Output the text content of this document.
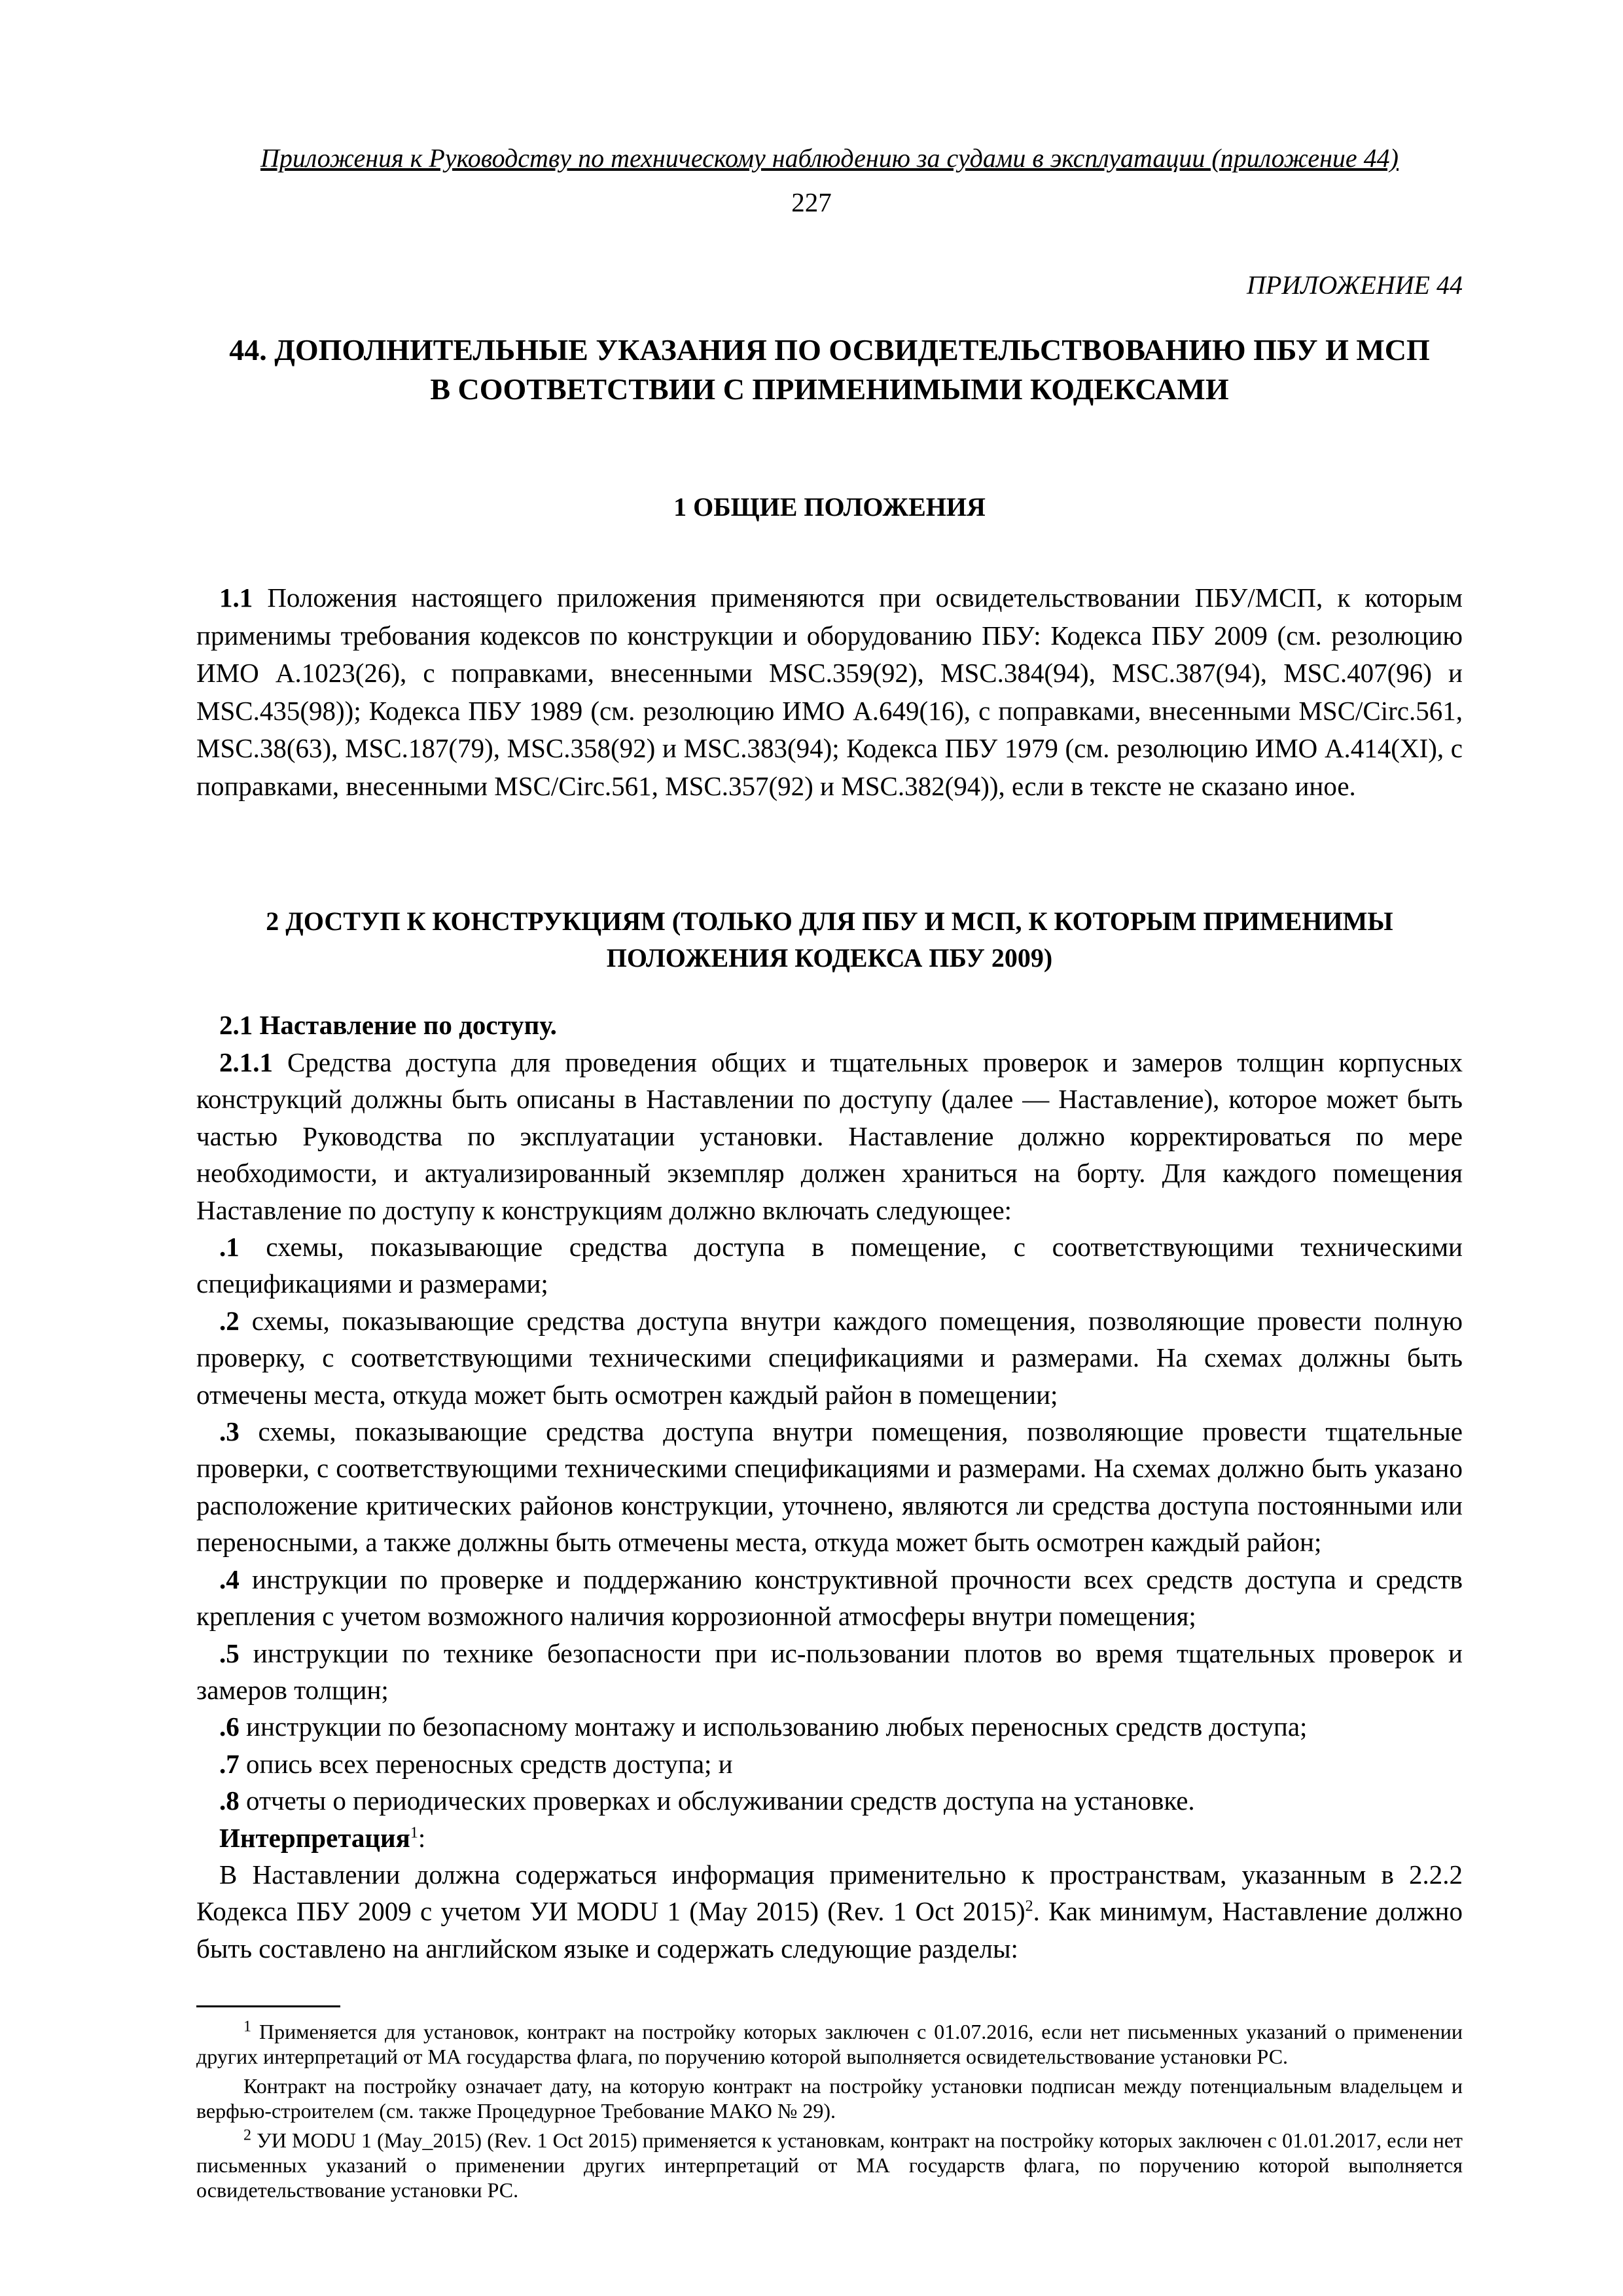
Приложения к Руководству по техническому наблюдению за судами в эксплуатации (приложение 44)
227
ПРИЛОЖЕНИЕ 44
44. ДОПОЛНИТЕЛЬНЫЕ УКАЗАНИЯ ПО ОСВИДЕТЕЛЬСТВОВАНИЮ ПБУ И МСП
В СООТВЕТСТВИИ С ПРИМЕНИМЫМИ КОДЕКСАМИ
1 ОБЩИЕ ПОЛОЖЕНИЯ

1.1 Положения настоящего приложения применяются при освидетельствовании ПБУ/МСП, к которым применимы требования кодексов по конструкции и оборудованию ПБУ: Кодекса ПБУ 2009 (см. резолюцию ИМО А.1023(26), с поправками, внесенными MSC.359(92), MSC.384(94), MSC.387(94), MSC.407(96) и MSC.435(98)); Кодекса ПБУ 1989 (см. резолюцию ИМО А.649(16), с поправками, внесенными MSC/Circ.561, MSC.38(63), MSC.187(79), MSC.358(92) и MSC.383(94); Кодекса ПБУ 1979 (см. резолюцию ИМО А.414(XI), с поправками, внесенными MSC/Circ.561, MSC.357(92) и MSC.382(94)), если в тексте не сказано иное.

2 ДОСТУП К КОНСТРУКЦИЯМ (ТОЛЬКО ДЛЯ ПБУ И МСП, К КОТОРЫМ ПРИМЕНИМЫ
ПОЛОЖЕНИЯ КОДЕКСА ПБУ 2009)

2.1 Наставление по доступу.

2.1.1 Средства доступа для проведения общих и тщательных проверок и замеров толщин корпусных конструкций должны быть описаны в Наставлении по доступу (далее — Наставление), которое может быть частью Руководства по эксплуатации установки. Наставление должно корректироваться по мере необходимости, и актуализированный экземпляр должен храниться на борту. Для каждого помещения Наставление по доступу к конструкциям должно включать следующее:

.1 схемы, показывающие средства доступа в помещение, с соответствующими техническими спецификациями и размерами;

.2 схемы, показывающие средства доступа внутри каждого помещения, позволяющие провести полную проверку, с соответствующими техническими спецификациями и размерами. На схемах должны быть отмечены места, откуда может быть осмотрен каждый район в помещении;

.3 схемы, показывающие средства доступа внутри помещения, позволяющие провести тщательные проверки, с соответствующими техническими спецификациями и размерами. На схемах должно быть указано расположение критических районов конструкции, уточнено, являются ли средства доступа постоянными или переносными, а также должны быть отмечены места, откуда может быть осмотрен каждый район;

.4 инструкции по проверке и поддержанию конструктивной прочности всех средств доступа и средств крепления с учетом возможного наличия коррозионной атмосферы внутри помещения;

.5 инструкции по технике безопасности при ис-пользовании плотов во время тщательных проверок и замеров толщин;

.6 инструкции по безопасному монтажу и использованию любых переносных средств доступа;

.7 опись всех переносных средств доступа; и

.8 отчеты о периодических проверках и обслуживании средств доступа на установке.

Интерпретация$^1$:

В Наставлении должна содержаться информация применительно к пространствам, указанным в 2.2.2 Кодекса ПБУ 2009 с учетом УИ MODU 1 (May 2015) (Rev. 1 Oct 2015)$^2$. Как минимум, Наставление должно быть составлено на английском языке и содержать следующие разделы:

$^1$ Применяется для установок, контракт на постройку которых заключен с 01.07.2016, если нет письменных указаний о применении других интерпретаций от МА государства флага, по поручению которой выполняется освидетельствование установки РС.

Контракт на постройку означает дату, на которую контракт на постройку установки подписан между потенциальным владельцем и верфью-строителем (см. также Процедурное Требование МАКО № 29).

$^2$ УИ MODU 1 (May_2015) (Rev. 1 Oct 2015) применяется к установкам, контракт на постройку которых заключен с 01.01.2017, если нет письменных указаний о применении других интерпретаций от МА государств флага, по поручению которой выполняется освидетельствование установки РС.
